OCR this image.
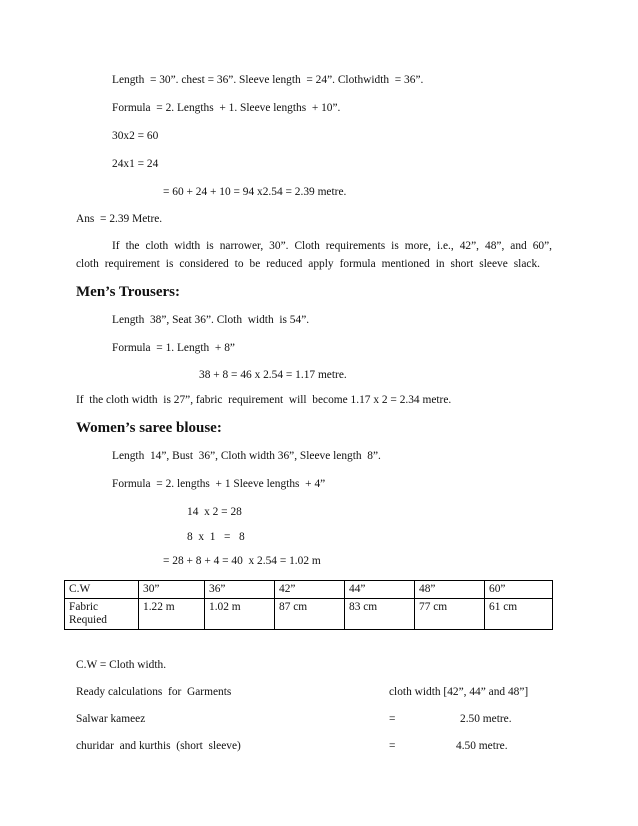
Length  = 30”. chest = 36”. Sleeve length  = 24”. Clothwidth  = 36”.
Formula  = 2. Lengths  + 1. Sleeve lengths  + 10”.
30x2 = 60
24x1 = 24
= 60 + 24 + 10 = 94 x2.54 = 2.39 metre.
Ans  = 2.39 Metre.
If the cloth width is narrower, 30”. Cloth requirements is more, i.e., 42”, 48”, and 60”,
cloth requirement is considered to be reduced apply formula mentioned in short sleeve slack.
Men’s Trousers:
Length  38”, Seat 36”. Cloth  width  is 54”.
Formula  = 1. Length  + 8”
38 + 8 = 46 x 2.54 = 1.17 metre.
If  the cloth width  is 27”, fabric  requirement  will  become 1.17 x 2 = 2.34 metre.
Women’s saree blouse:
Length  14”, Bust  36”, Cloth width 36”, Sleeve length  8”.
Formula  = 2. lengths  + 1 Sleeve lengths  + 4”
14  x 2 = 28
8  x  1   =   8
= 28 + 8 + 4 = 40  x 2.54 = 1.02 m
C.W	30”	36”	42”	44”	48”	60”
Fabric Requied	1.22 m	1.02 m	87 cm	83 cm	77 cm	61 cm
C.W = Cloth width.
Ready calculations  for  Garments	cloth width [42”, 44” and 48”]
Salwar kameez	=	2.50 metre.
churidar  and kurthis  (short  sleeve)	=	4.50 metre.
